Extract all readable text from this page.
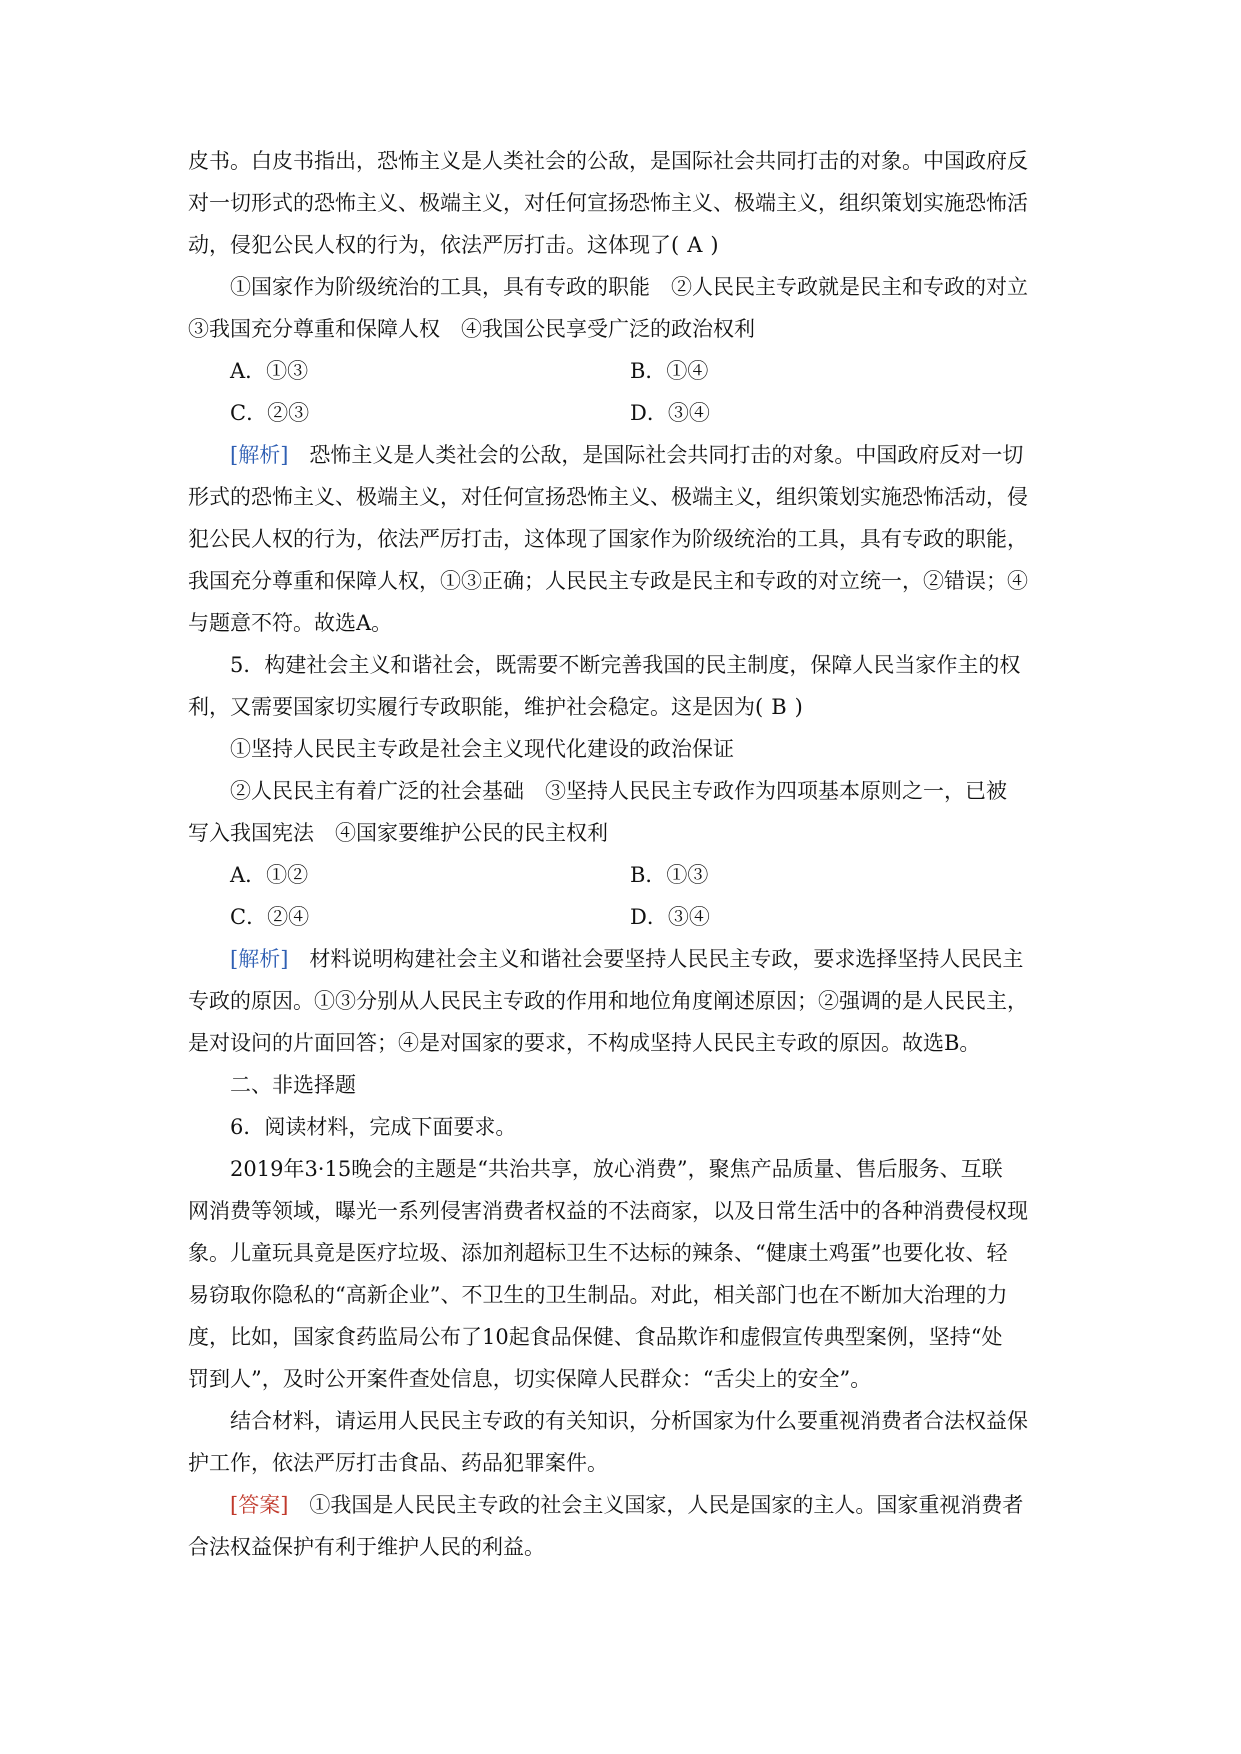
皮书。白皮书指出，恐怖主义是人类社会的公敌，是国际社会共同打击的对象。中国政府反

对一切形式的恐怖主义、极端主义，对任何宣扬恐怖主义、极端主义，组织策划实施恐怖活

动，侵犯公民人权的行为，依法严厉打击。这体现了( A )

①国家作为阶级统治的工具，具有专政的职能　②人民民主专政就是民主和专政的对立

③我国充分尊重和保障人权　④我国公民享受广泛的政治权利

A．①③	B．①④
C．②③	D．③④

[解析]　 恐怖主义是人类社会的公敌，是国际社会共同打击的对象。中国政府反对一切

形式的恐怖主义、极端主义，对任何宣扬恐怖主义、极端主义，组织策划实施恐怖活动，侵

犯公民人权的行为，依法严厉打击，这体现了国家作为阶级统治的工具，具有专政的职能，

我国充分尊重和保障人权，①③正确；人民民主专政是民主和专政的对立统一，②错误；④

与题意不符。故选A。

5．构建社会主义和谐社会，既需要不断完善我国的民主制度，保障人民当家作主的权

利，又需要国家切实履行专政职能，维护社会稳定。这是因为( B )

①坚持人民民主专政是社会主义现代化建设的政治保证

②人民民主有着广泛的社会基础　③坚持人民民主专政作为四项基本原则之一，已被

写入我国宪法　④国家要维护公民的民主权利

A．①②	B．①③
C．②④	D．③④

[解析]　 材料说明构建社会主义和谐社会要坚持人民民主专政，要求选择坚持人民民主

专政的原因。①③分别从人民民主专政的作用和地位角度阐述原因；②强调的是人民民主，

是对设问的片面回答；④是对国家的要求，不构成坚持人民民主专政的原因。故选B。

二、非选择题

6．阅读材料，完成下面要求。

2019年3·15晚会的主题是“共治共享，放心消费”，聚焦产品质量、售后服务、互联

网消费等领域，曝光一系列侵害消费者权益的不法商家，以及日常生活中的各种消费侵权现

象。儿童玩具竟是医疗垃圾、添加剂超标卫生不达标的辣条、“健康土鸡蛋”也要化妆、轻

易窃取你隐私的“高新企业”、不卫生的卫生制品。对此，相关部门也在不断加大治理的力

度，比如，国家食药监局公布了10起食品保健、食品欺诈和虚假宣传典型案例，坚持“处

罚到人”，及时公开案件查处信息，切实保障人民群众：“舌尖上的安全”。

结合材料，请运用人民民主专政的有关知识，分析国家为什么要重视消费者合法权益保

护工作，依法严厉打击食品、药品犯罪案件。

[答案]　 ①我国是人民民主专政的社会主义国家，人民是国家的主人。国家重视消费者

合法权益保护有利于维护人民的利益。
